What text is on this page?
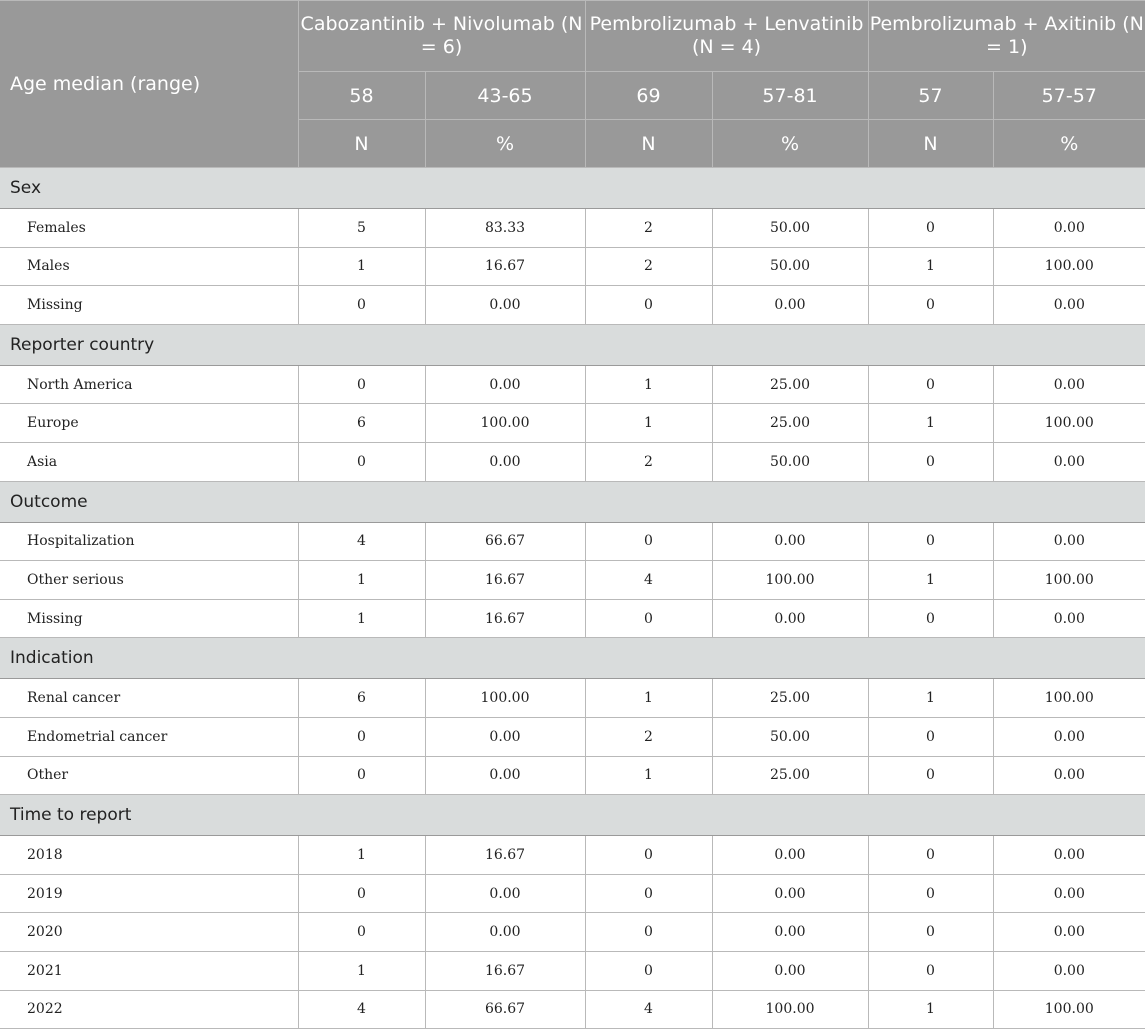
Age median (range)	Cabozantinib + Nivolumab (N = 6)		Pembrolizumab + Lenvatinib (N = 4)		Pembrolizumab + Axitinib (N = 1)	
	58	43-65	69	57-81	57	57-57
	N	%	N	%	N	%
Sex						
Females	5	83.33	2	50.00	0	0.00
Males	1	16.67	2	50.00	1	100.00
Missing	0	0.00	0	0.00	0	0.00
Reporter country						
North America	0	0.00	1	25.00	0	0.00
Europe	6	100.00	1	25.00	1	100.00
Asia	0	0.00	2	50.00	0	0.00
Outcome						
Hospitalization	4	66.67	0	0.00	0	0.00
Other serious	1	16.67	4	100.00	1	100.00
Missing	1	16.67	0	0.00	0	0.00
Indication						
Renal cancer	6	100.00	1	25.00	1	100.00
Endometrial cancer	0	0.00	2	50.00	0	0.00
Other	0	0.00	1	25.00	0	0.00
Time to report						
2018	1	16.67	0	0.00	0	0.00
2019	0	0.00	0	0.00	0	0.00
2020	0	0.00	0	0.00	0	0.00
2021	1	16.67	0	0.00	0	0.00
2022	4	66.67	4	100.00	1	100.00
